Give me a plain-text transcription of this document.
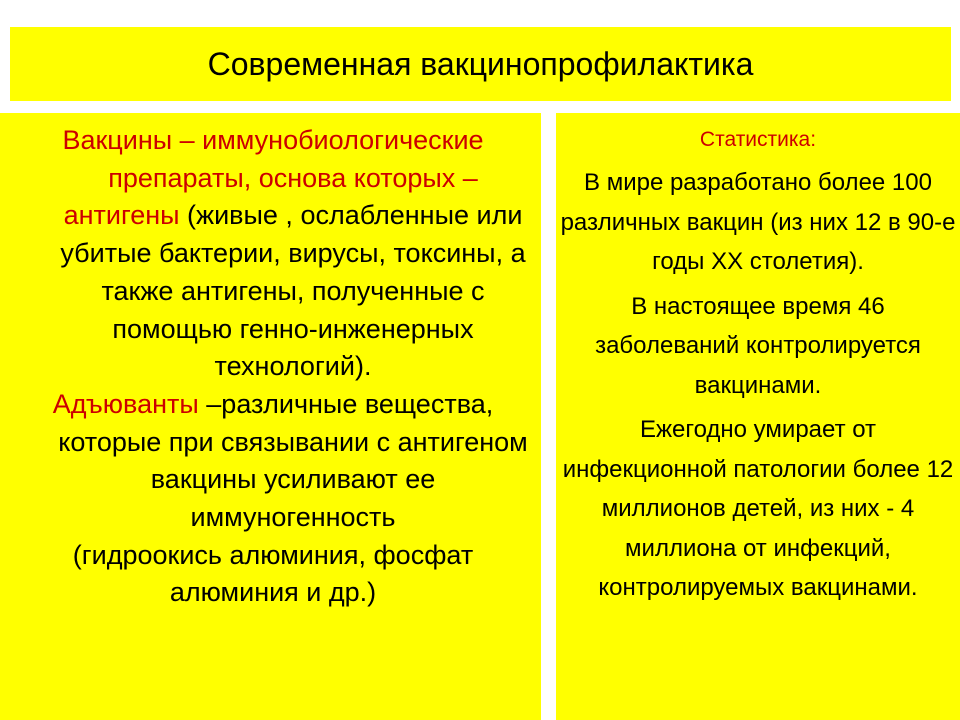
Современная вакцинопрофилактика

Вакцины – иммунобиологические препараты, основа которых – антигены (живые , ослабленные или убитые бактерии, вирусы, токсины, а также антигены, полученные с помощью генно-инженерных технологий).

Адъюванты –различные вещества, которые при связывании с антигеном вакцины усиливают ее иммуногенность

(гидроокись алюминия, фосфат алюминия и др.)

Статистика:

В мире разработано более 100 различных вакцин (из них 12 в 90-е годы XX столетия).

В настоящее время 46 заболеваний контролируется вакцинами.

Ежегодно умирает от инфекционной патологии более 12 миллионов детей, из них - 4 миллиона от инфекций, контролируемых вакцинами.
